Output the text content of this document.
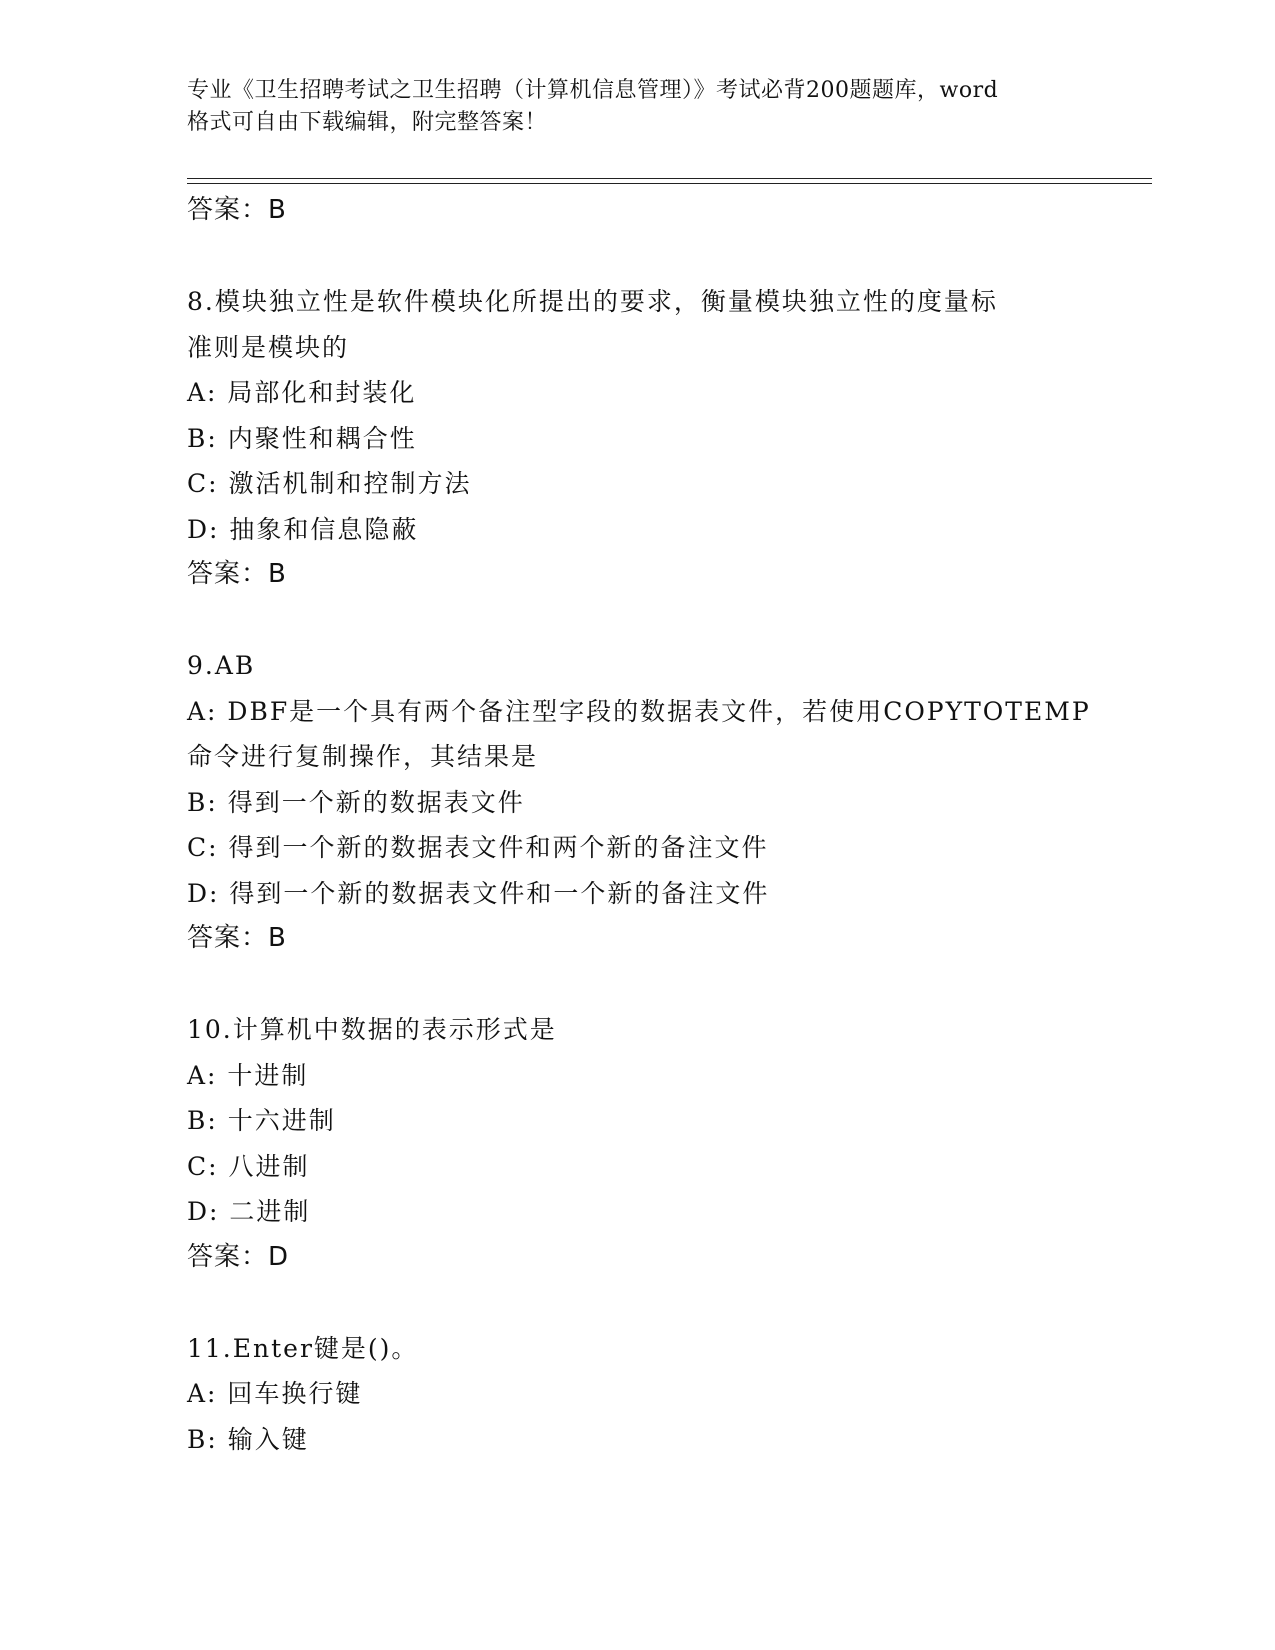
专业《卫生招聘考试之卫生招聘（计算机信息管理）》考试必背200题题库，word
格式可自由下载编辑，附完整答案！
答案：B
8.模块独立性是软件模块化所提出的要求，衡量模块独立性的度量标
准则是模块的
A: 局部化和封装化
B: 内聚性和耦合性
C: 激活机制和控制方法
D: 抽象和信息隐蔽
答案：B
9.AB
A: DBF是一个具有两个备注型字段的数据表文件，若使用COPYTOTEMP
命令进行复制操作，其结果是
B: 得到一个新的数据表文件
C: 得到一个新的数据表文件和两个新的备注文件
D: 得到一个新的数据表文件和一个新的备注文件
答案：B
10.计算机中数据的表示形式是
A: 十进制
B: 十六进制
C: 八进制
D: 二进制
答案：D
11.Enter键是()。
A: 回车换行键
B: 输入键
